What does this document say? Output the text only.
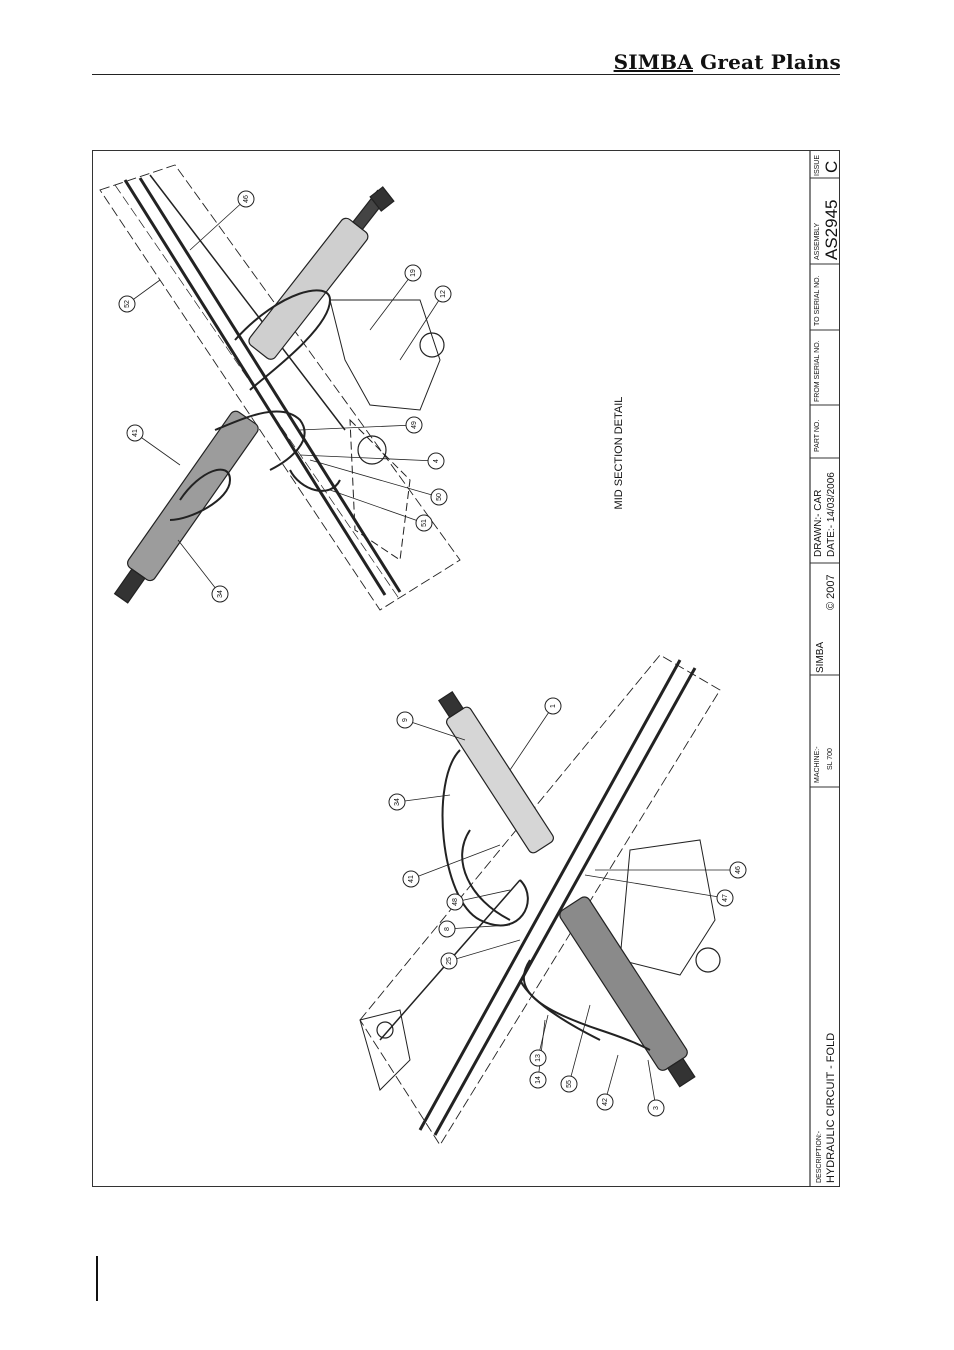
SIMBA Great Plains
46
52
19
12
41
49
4
50
51
34
9
1
34
41
48
8
25
46
47
14
13
55
42
3
DESCRIPTION:- HYDRAULIC CIRCUIT - FOLD
MACHINE:- SL 700
SIMBA
© 2007
DRAWN:- CAR DATE:- 14/03/2006
PART NO.
FROM SERIAL NO.
TO SERIAL NO.
ASSEMBLY AS2945
ISSUE C
MID SECTION DETAIL
